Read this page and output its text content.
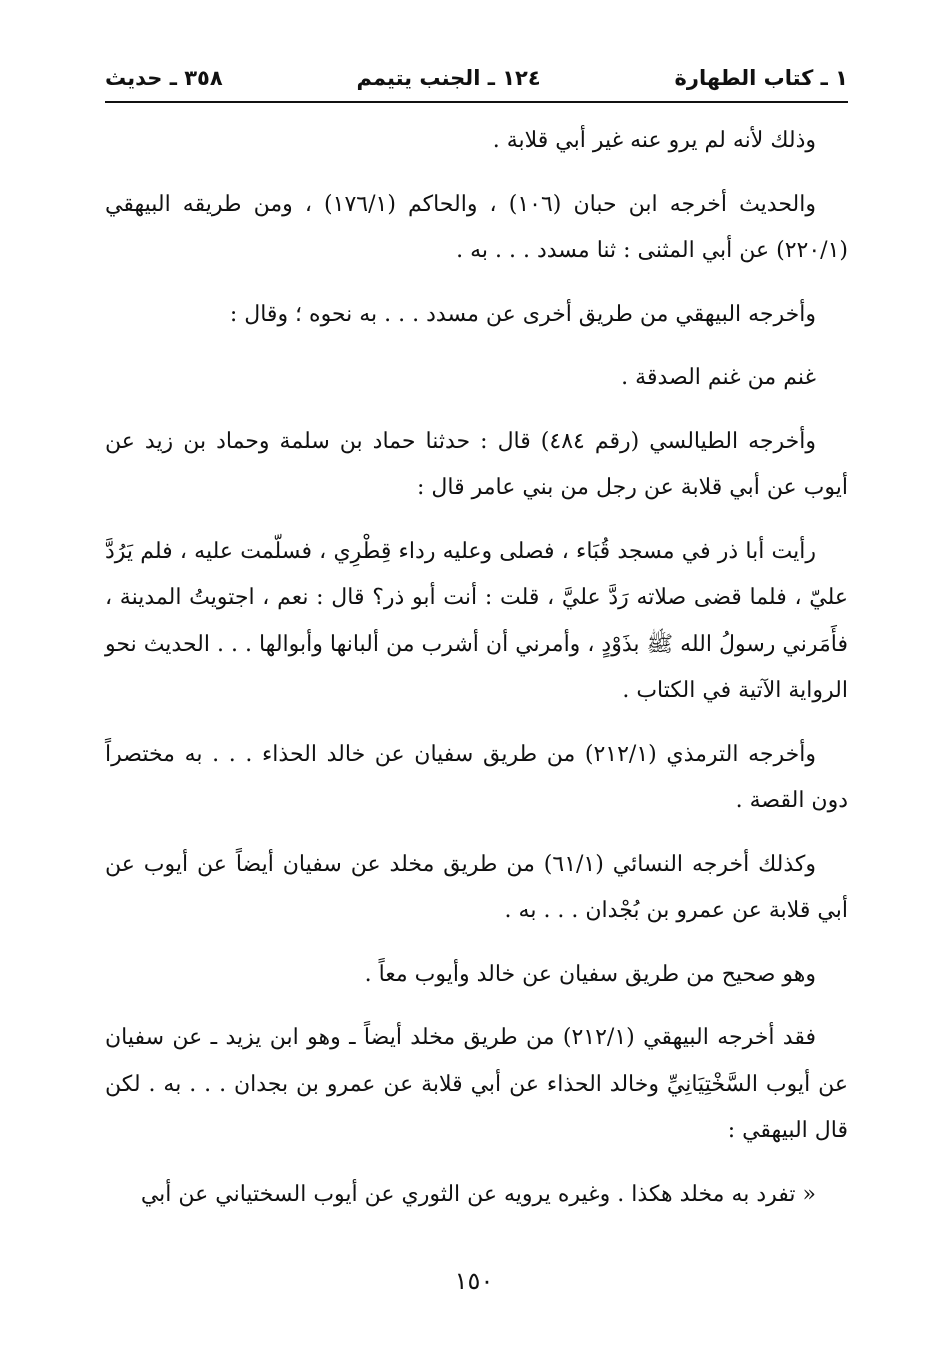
٣٥٨ ـ حديث	١٢٤ ـ الجنب يتيمم	١ ـ كتاب الطهارة

وذلك لأنه لم يرو عنه غير أبي قلابة .

والحديث أخرجه ابن حبان (١٠٦) ، والحاكم (١٧٦/١) ، ومن طريقه البيهقي (٢٢٠/١) عن أبي المثنى : ثنا مسدد . . . به .

وأخرجه البيهقي من طريق أخرى عن مسدد . . . به نحوه ؛ وقال :

غنم من غنم الصدقة .

وأخرجه الطيالسي (رقم ٤٨٤) قال : حدثنا حماد بن سلمة وحماد بن زيد عن أيوب عن أبي قلابة عن رجل من بني عامر قال :

رأيت أبا ذر في مسجد قُبَاء ، فصلى وعليه رداء قِطْرِي ، فسلّمت عليه ، فلم يَرُدَّ عليّ ، فلما قضى صلاته رَدَّ عليَّ ، قلت : أنت أبو ذر؟ قال : نعم ، اجتويتُ المدينة ، فأَمَرني رسولُ الله ﷺ بذَوْدٍ ، وأمرني أن أشرب من ألبانها وأبوالها . . . الحديث نحو الرواية الآتية في الكتاب .

وأخرجه الترمذي (٢١٢/١) من طريق سفيان عن خالد الحذاء . . . به مختصراً دون القصة .

وكذلك أخرجه النسائي (٦١/١) من طريق مخلد عن سفيان أيضاً عن أيوب عن أبي قلابة عن عمرو بن بُجْدان . . . به .

وهو صحيح من طريق سفيان عن خالد وأيوب معاً .

فقد أخرجه البيهقي (٢١٢/١) من طريق مخلد أيضاً ـ وهو ابن يزيد ـ عن سفيان عن أيوب السَّخْتِيَانِيِّ وخالد الحذاء عن أبي قلابة عن عمرو بن بجدان . . . به . لكن قال البيهقي :

« تفرد به مخلد هكذا . وغيره يرويه عن الثوري عن أيوب السختياني عن أبي

١٥٠
